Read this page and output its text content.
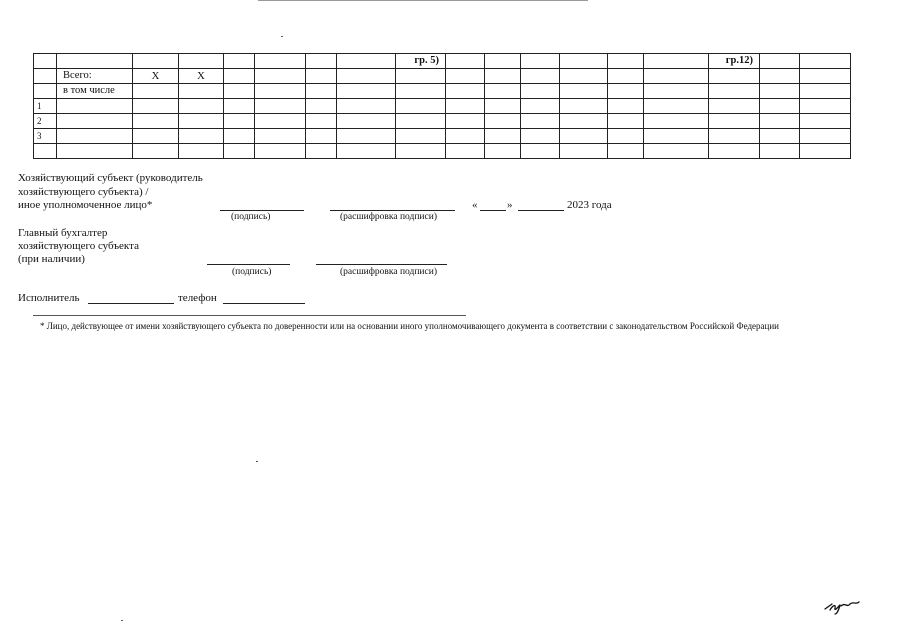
								гр. 5)							гр.12)		
	Всего:	Х	Х														
	в том числе																
1																	
2																	
3																	

Хозяйствующий субъект (руководитель
хозяйствующего субъекта) /
иное уполномоченное лицо*
(подпись)	(расшифровка подписи)
«	»	2023 года
Главный бухгалтер
хозяйствующего субъекта
(при наличии)
(подпись)	(расшифровка подписи)
Исполнитель	телефон
* Лицо, действующее от имени хозяйствующего субъекта по доверенности или на основании иного уполномочивающего документа в соответствии с законодательством Российской Федерации
